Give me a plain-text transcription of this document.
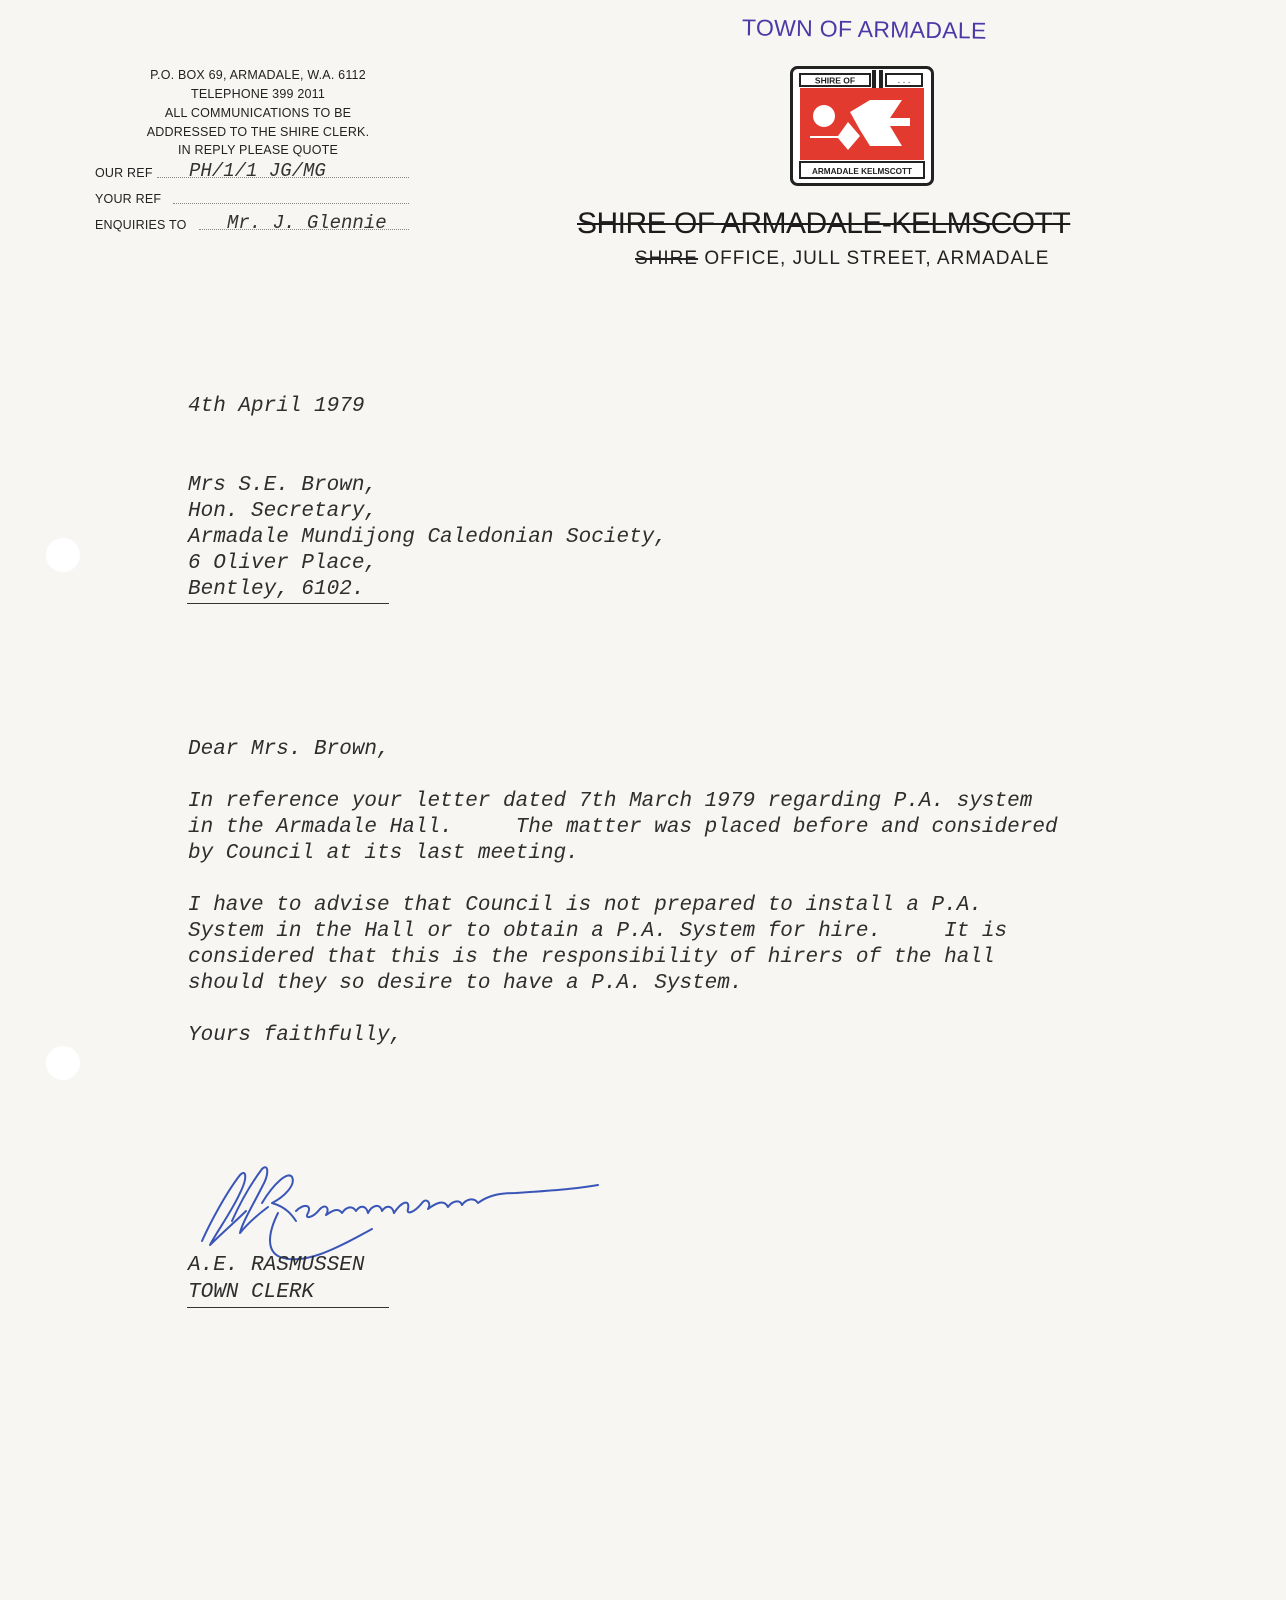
P.O. BOX 69, ARMADALE, W.A. 6112
TELEPHONE 399 2011
ALL COMMUNICATIONS TO BE
ADDRESSED TO THE SHIRE CLERK.
IN REPLY PLEASE QUOTE
OUR REF PH/1/1 JG/MG
YOUR REF
ENQUIRIES TO Mr. J. Glennie
TOWN OF ARMADALE
SHIRE OF	. . .
ARMADALE KELMSCOTT
SHIRE OF ARMADALE-KELMSCOTT
SHIRE OFFICE, JULL STREET, ARMADALE
4th April 1979
Mrs S.E. Brown,
Hon. Secretary,
Armadale Mundijong Caledonian Society,
6 Oliver Place,
Bentley, 6102.
Dear Mrs. Brown,
In reference your letter dated 7th March 1979 regarding P.A. system
in the Armadale Hall.     The matter was placed before and considered
by Council at its last meeting.
I have to advise that Council is not prepared to install a P.A.
System in the Hall or to obtain a P.A. System for hire.     It is
considered that this is the responsibility of hirers of the hall
should they so desire to have a P.A. System.
Yours faithfully,
A.E. RASMUSSEN
TOWN CLERK
